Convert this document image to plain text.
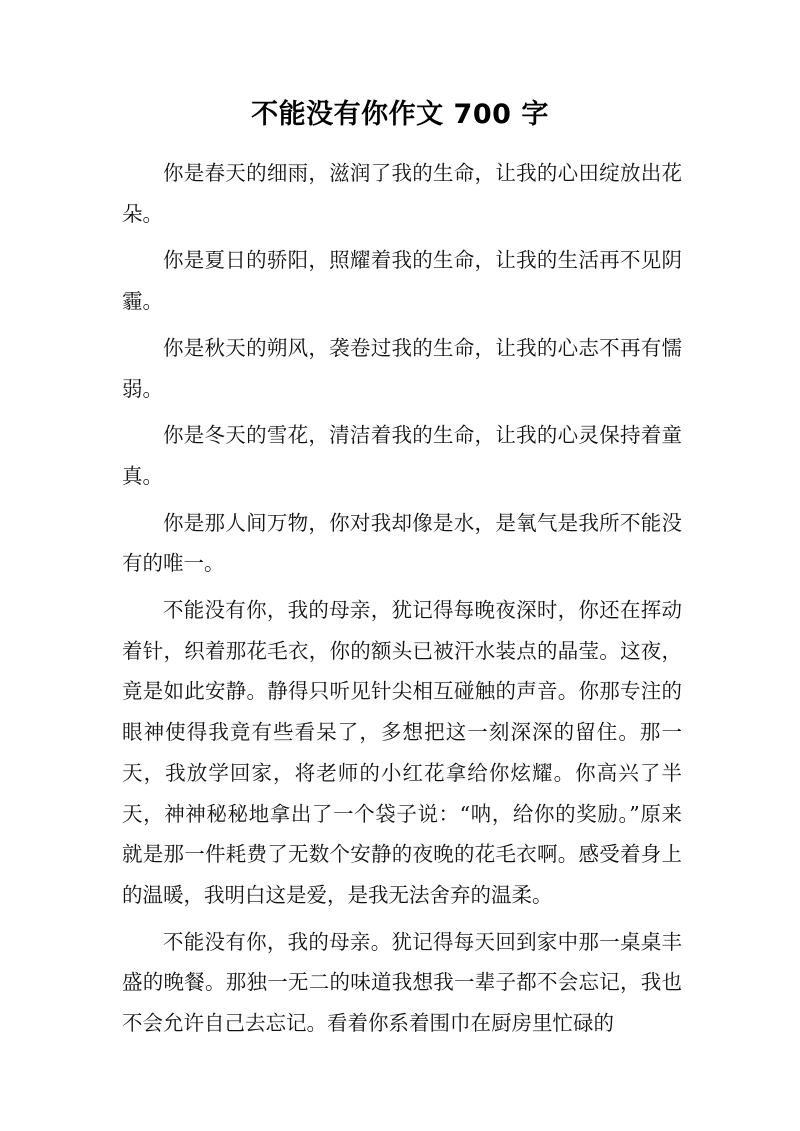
不能没有你作文 700 字

你是春天的细雨，滋润了我的生命，让我的心田绽放出花朵。

你是夏日的骄阳，照耀着我的生命，让我的生活再不见阴霾。

你是秋天的朔风，袭卷过我的生命，让我的心志不再有懦弱。

你是冬天的雪花，清洁着我的生命，让我的心灵保持着童真。

你是那人间万物，你对我却像是水，是氧气是我所不能没有的唯一。

不能没有你，我的母亲，犹记得每晚夜深时，你还在挥动着针，织着那花毛衣，你的额头已被汗水装点的晶莹。这夜，竟是如此安静。静得只听见针尖相互碰触的声音。你那专注的眼神使得我竟有些看呆了，多想把这一刻深深的留住。那一天，我放学回家，将老师的小红花拿给你炫耀。你高兴了半天，神神秘秘地拿出了一个袋子说：“呐，给你的奖励。”原来就是那一件耗费了无数个安静的夜晚的花毛衣啊。感受着身上的温暖，我明白这是爱，是我无法舍弃的温柔。

不能没有你，我的母亲。犹记得每天回到家中那一桌桌丰盛的晚餐。那独一无二的味道我想我一辈子都不会忘记，我也不会允许自己去忘记。看着你系着围巾在厨房里忙碌的
